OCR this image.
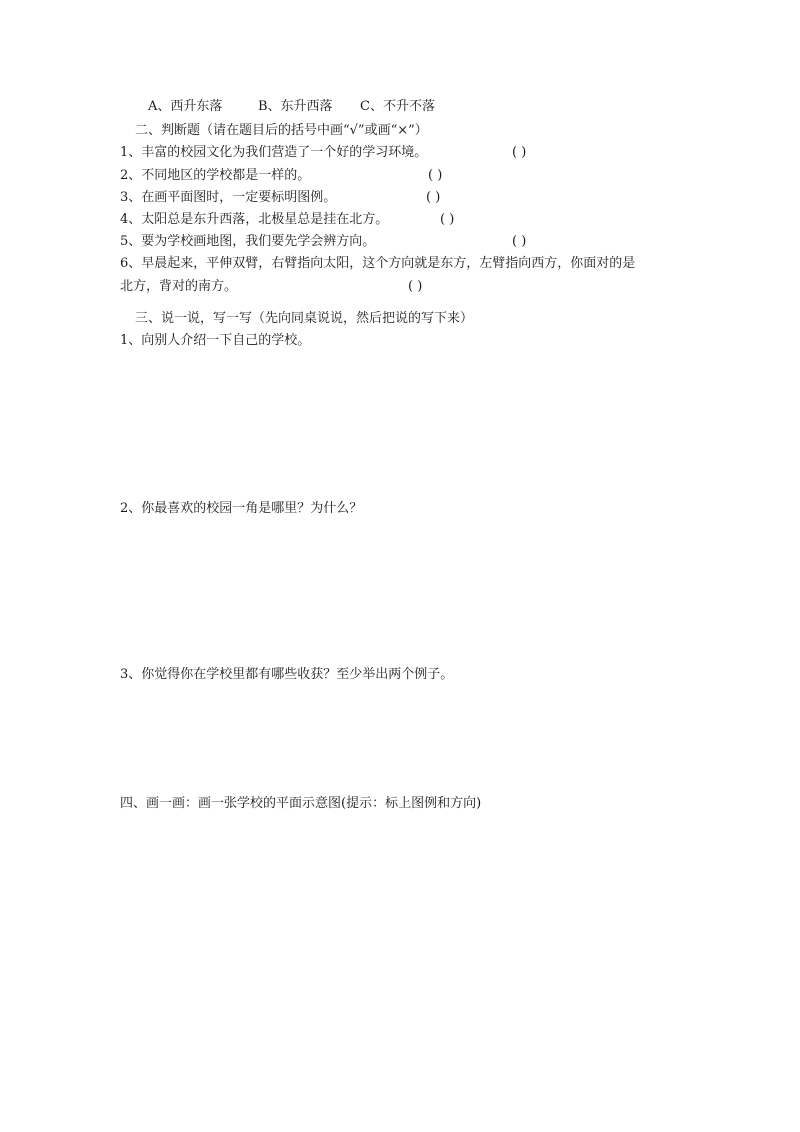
A、西升东落	B、东升西落 C、不升不落
二、判断题（请在题目后的括号中画“√”或画“×”）
1、丰富的校园文化为我们营造了一个好的学习环境。	( )
2、不同地区的学校都是一样的。	( )
3、在画平面图时，一定要标明图例。	( )
4、太阳总是东升西落，北极星总是挂在北方。	( )
5、要为学校画地图，我们要先学会辨方向。	( )
6、早晨起来，平伸双臂，右臂指向太阳，这个方向就是东方，左臂指向西方，你面对的是
北方，背对的南方。	( )
三、说一说，写一写（先向同桌说说，然后把说的写下来）
1、向别人介绍一下自己的学校。
2、你最喜欢的校园一角是哪里？为什么？
3、你觉得你在学校里都有哪些收获？至少举出两个例子。
四、画一画：画一张学校的平面示意图(提示：标上图例和方向)
